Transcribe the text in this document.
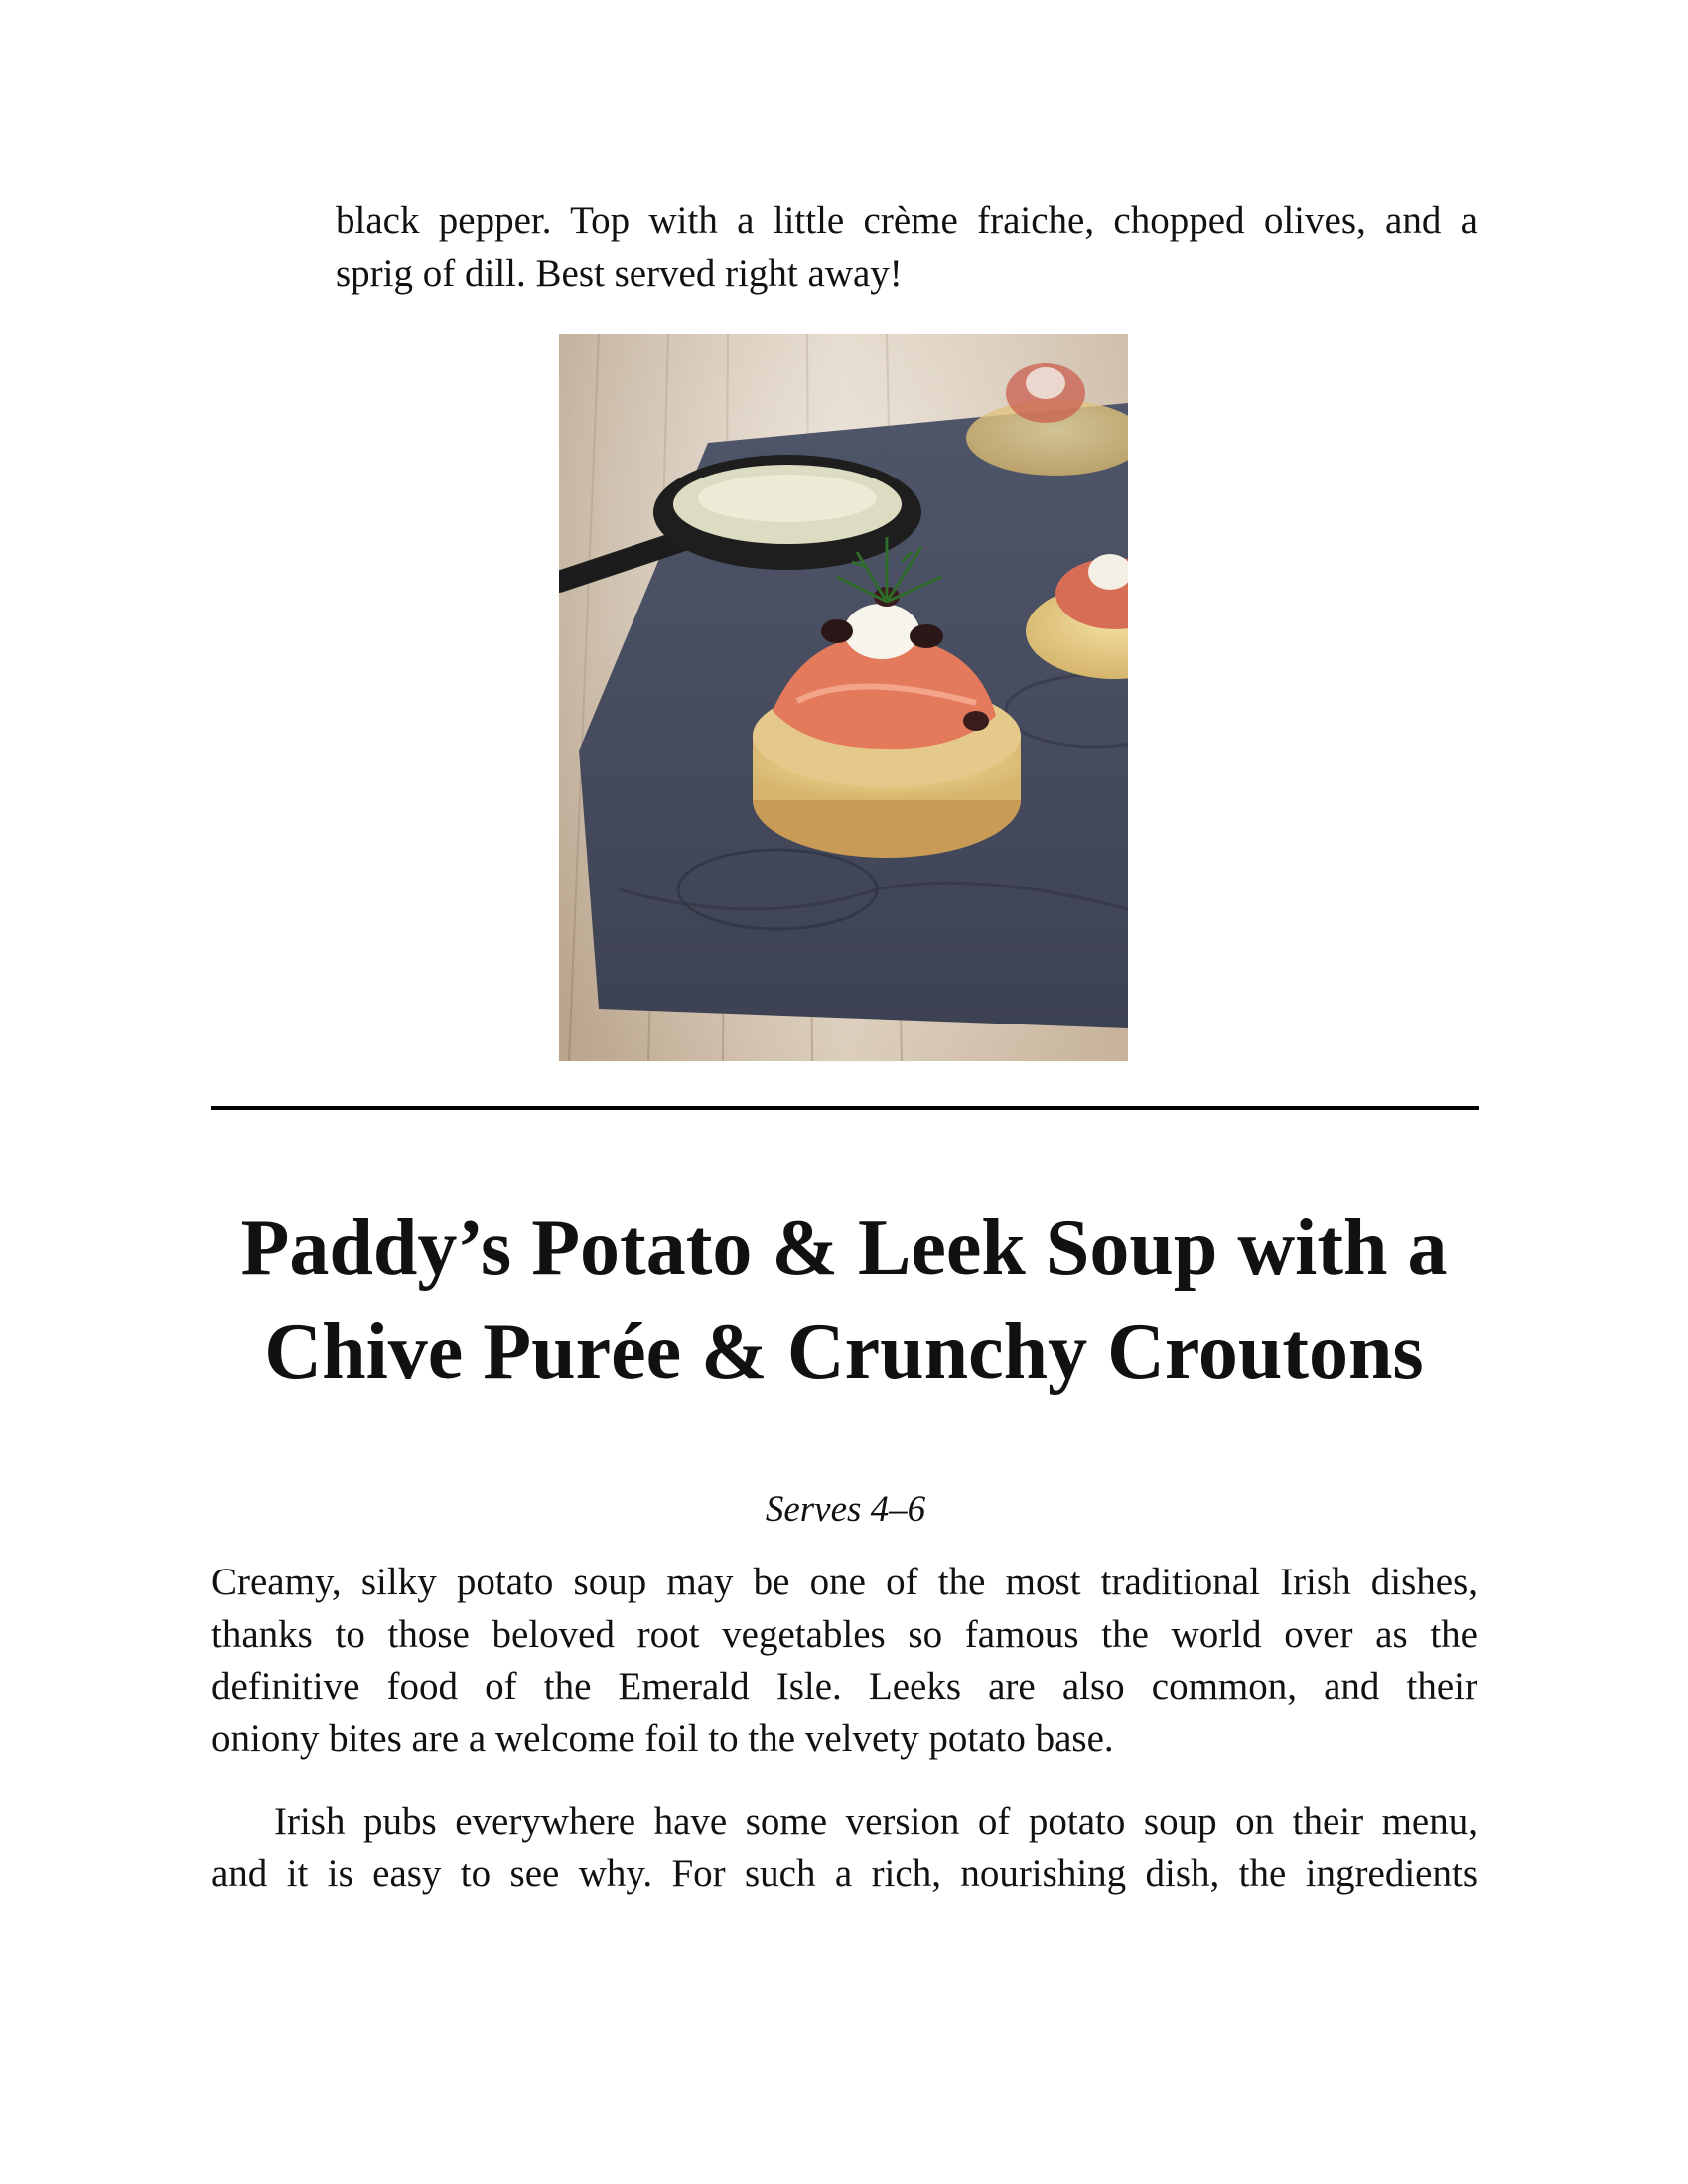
black pepper. Top with a little crème fraiche, chopped olives, and a
sprig of dill. Best served right away!
Paddy’s Potato & Leek Soup with a
Chive Purée & Crunchy Croutons
Serves 4–6
Creamy, silky potato soup may be one of the most traditional Irish dishes,
thanks to those beloved root vegetables so famous the world over as the
definitive food of the Emerald Isle. Leeks are also common, and their
oniony bites are a welcome foil to the velvety potato base.
Irish pubs everywhere have some version of potato soup on their menu,
and it is easy to see why. For such a rich, nourishing dish, the ingredients
